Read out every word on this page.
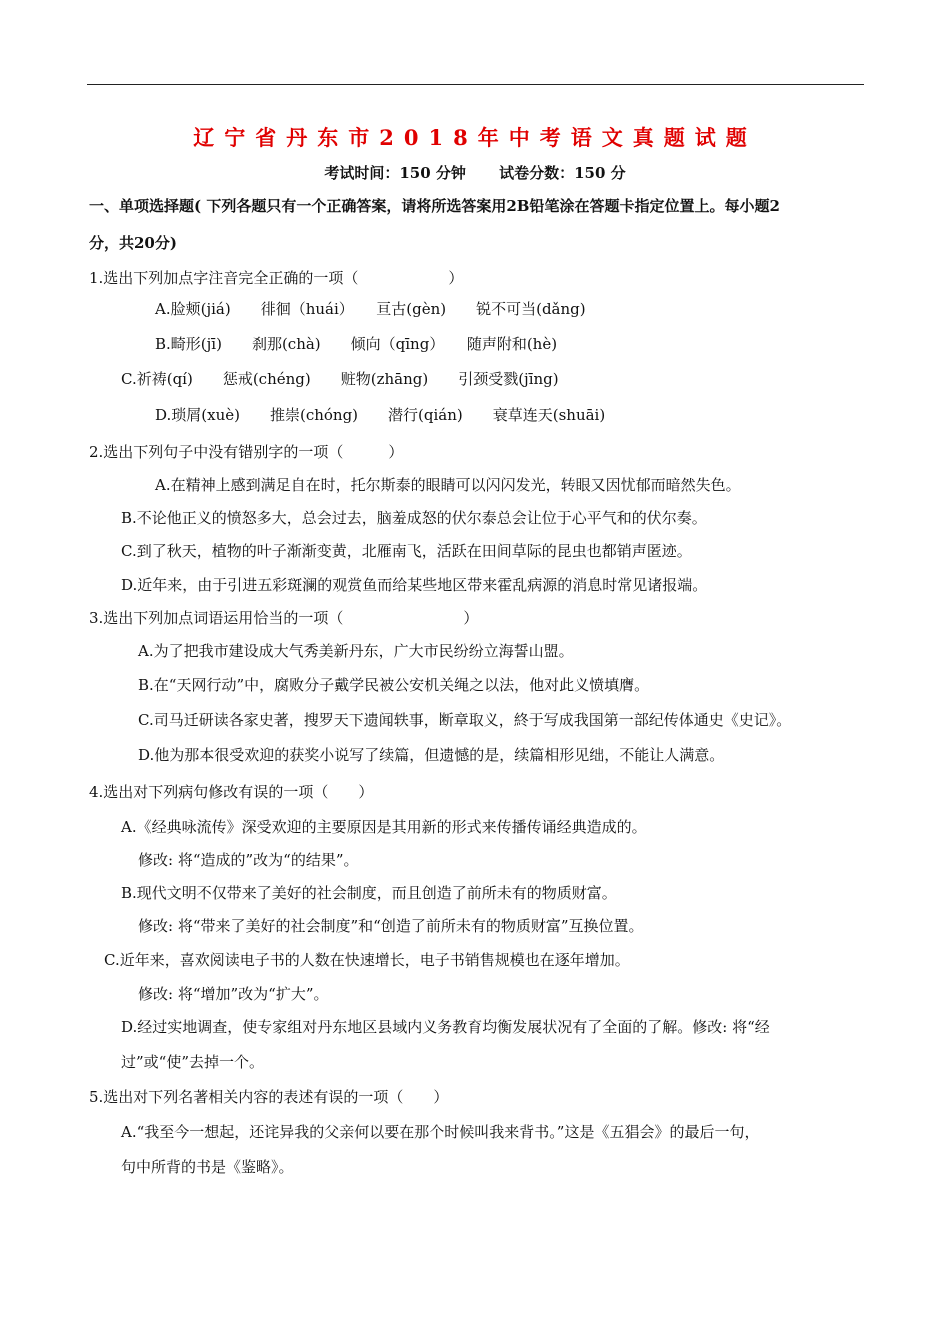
辽宁省丹东市2018年中考语文真题试题
考试时间：150 分钟 试卷分数：150 分
一、单项选择题( 下列各题只有一个正确答案，请将所选答案用2B铅笔涂在答题卡指定位置上。每小题2
分，共20分)
1.选出下列加点字注音完全正确的一项（　　　　　　）
A.脸颊(jiá)　　徘徊（huái）　　亘古(gèn)　　锐不可当(dǎng)
B.畸形(jī)　　刹那(chà)　　倾向（qīng）　　随声附和(hè)
C.祈祷(qí)　　惩戒(chéng)　　赃物(zhāng)　　引颈受戮(jīng)
D.琐屑(xuè)　　推崇(chóng)　　潜行(qián)　　衰草连天(shuāi)
2.选出下列句子中没有错别字的一项（　　　）
A.在精神上感到满足自在时，托尔斯泰的眼睛可以闪闪发光，转眼又因忧郁而暗然失色。
B.不论他正义的愤怒多大，总会过去，脑羞成怒的伏尔泰总会让位于心平气和的伏尔奏。
C.到了秋天，植物的叶子渐渐变黄，北雁南飞，活跃在田间草际的昆虫也都销声匿迹。
D.近年来，由于引进五彩斑澜的观赏鱼而给某些地区带来霍乱病源的消息时常见诸报端。
3.选出下列加点词语运用恰当的一项（　　　　　　　　）
A.为了把我市建设成大气秀美新丹东，广大市民纷纷立海誓山盟。
B.在“天网行动”中，腐败分子戴学民被公安机关绳之以法，他对此义愤填膺。
C.司马迁研读各家史著，搜罗天下遗闻轶事，断章取义，終于写成我国第一部纪传体通史《史记》。
D.他为那本很受欢迎的获奖小说写了续篇，但遗憾的是，续篇相形见绌，不能让人满意。
4.选出对下列病句修改有误的一项（　　）
A.《经典咏流传》深受欢迎的主要原因是其用新的形式来传播传诵经典造成的。
修改: 将“造成的”改为“的结果”。
B.现代文明不仅带来了美好的社会制度，而且创造了前所未有的物质财富。
修改: 将“带来了美好的社会制度”和“创造了前所未有的物质财富”互换位置。
C.近年来，喜欢阅读电子书的人数在快速增长，电子书销售规模也在逐年增加。
修改: 将“增加”改为“扩大”。
D.经过实地调查，使专家组对丹东地区县域内义务教育均衡发展状况有了全面的了解。修改: 将“经
过”或“使”去掉一个。
5.选出对下列名著相关内容的表述有误的一项（　　）
A.“我至今一想起，还诧异我的父亲何以要在那个时候叫我来背书。”这是《五猖会》的最后一句，
句中所背的书是《鉴略》。
